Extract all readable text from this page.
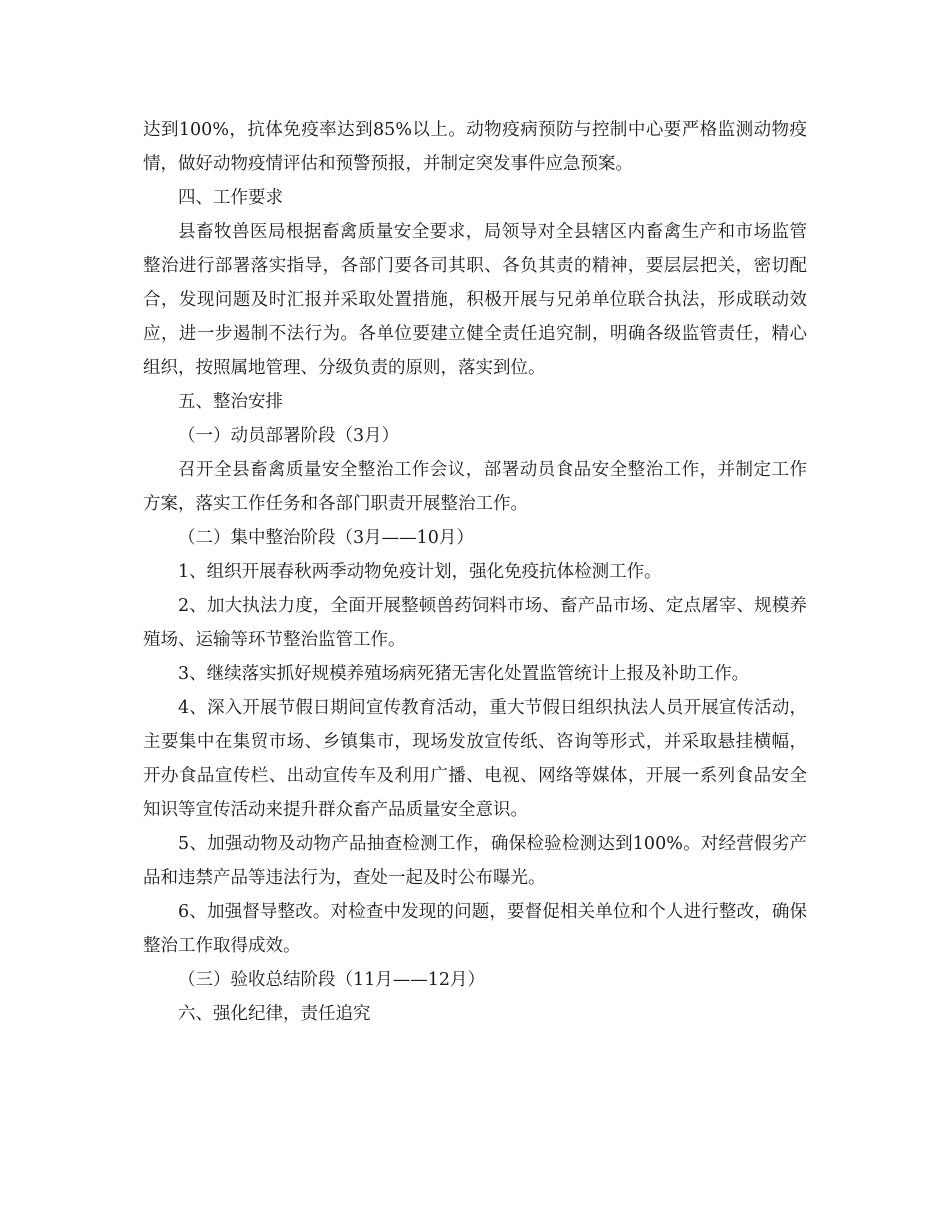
达到100%，抗体免疫率达到85%以上。动物疫病预防与控制中心要严格监测动物疫情，做好动物疫情评估和预警预报，并制定突发事件应急预案。

四、工作要求

县畜牧兽医局根据畜禽质量安全要求，局领导对全县辖区内畜禽生产和市场监管整治进行部署落实指导，各部门要各司其职、各负其责的精神，要层层把关，密切配合，发现问题及时汇报并采取处置措施，积极开展与兄弟单位联合执法，形成联动效应，进一步遏制不法行为。各单位要建立健全责任追究制，明确各级监管责任，精心组织，按照属地管理、分级负责的原则，落实到位。

五、整治安排

（一）动员部署阶段（3月）

召开全县畜禽质量安全整治工作会议，部署动员食品安全整治工作，并制定工作方案，落实工作任务和各部门职责开展整治工作。

（二）集中整治阶段（3月——10月）

1、组织开展春秋两季动物免疫计划，强化免疫抗体检测工作。

2、加大执法力度，全面开展整顿兽药饲料市场、畜产品市场、定点屠宰、规模养殖场、运输等环节整治监管工作。

3、继续落实抓好规模养殖场病死猪无害化处置监管统计上报及补助工作。

4、深入开展节假日期间宣传教育活动，重大节假日组织执法人员开展宣传活动，主要集中在集贸市场、乡镇集市，现场发放宣传纸、咨询等形式，并采取悬挂横幅，开办食品宣传栏、出动宣传车及利用广播、电视、网络等媒体，开展一系列食品安全知识等宣传活动来提升群众畜产品质量安全意识。

5、加强动物及动物产品抽查检测工作，确保检验检测达到100%。对经营假劣产品和违禁产品等违法行为，查处一起及时公布曝光。

6、加强督导整改。对检查中发现的问题，要督促相关单位和个人进行整改，确保整治工作取得成效。

（三）验收总结阶段（11月——12月）

六、强化纪律，责任追究
